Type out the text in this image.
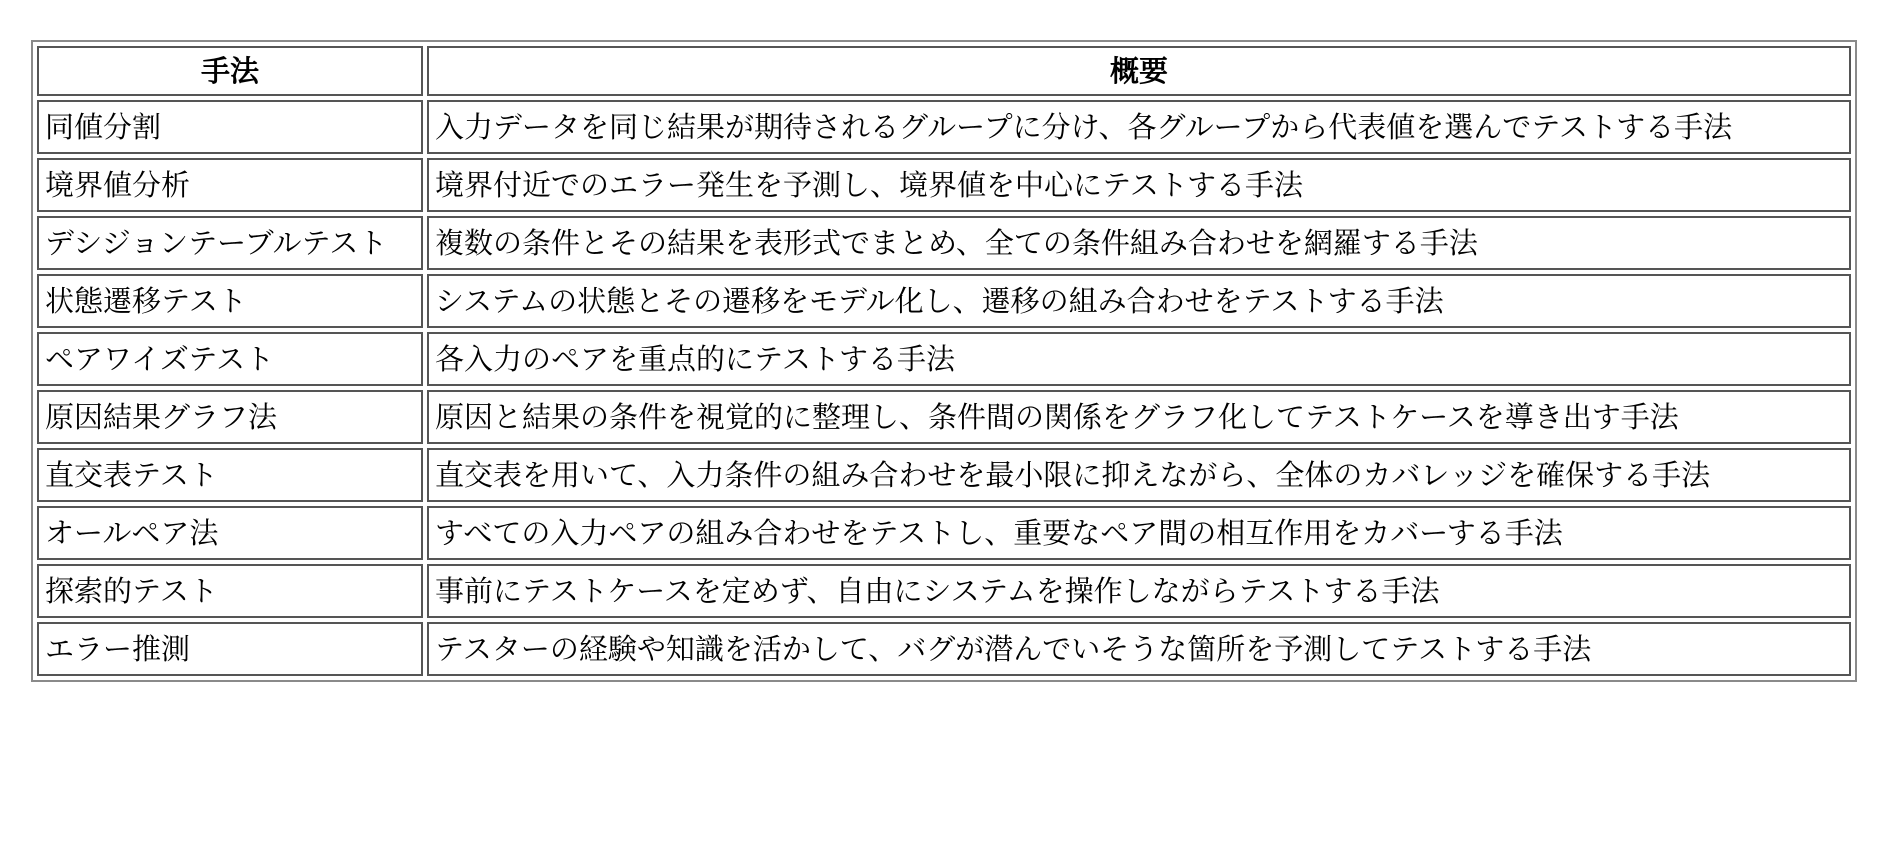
手法	概要
同値分割	入力データを同じ結果が期待されるグループに分け、各グループから代表値を選んでテストする手法
境界値分析	境界付近でのエラー発生を予測し、境界値を中心にテストする手法
デシジョンテーブルテスト	複数の条件とその結果を表形式でまとめ、全ての条件組み合わせを網羅する手法
状態遷移テスト	システムの状態とその遷移をモデル化し、遷移の組み合わせをテストする手法
ペアワイズテスト	各入力のペアを重点的にテストする手法
原因結果グラフ法	原因と結果の条件を視覚的に整理し、条件間の関係をグラフ化してテストケースを導き出す手法
直交表テスト	直交表を用いて、入力条件の組み合わせを最小限に抑えながら、全体のカバレッジを確保する手法
オールペア法	すべての入力ペアの組み合わせをテストし、重要なペア間の相互作用をカバーする手法
探索的テスト	事前にテストケースを定めず、自由にシステムを操作しながらテストする手法
エラー推測	テスターの経験や知識を活かして、バグが潜んでいそうな箇所を予測してテストする手法
